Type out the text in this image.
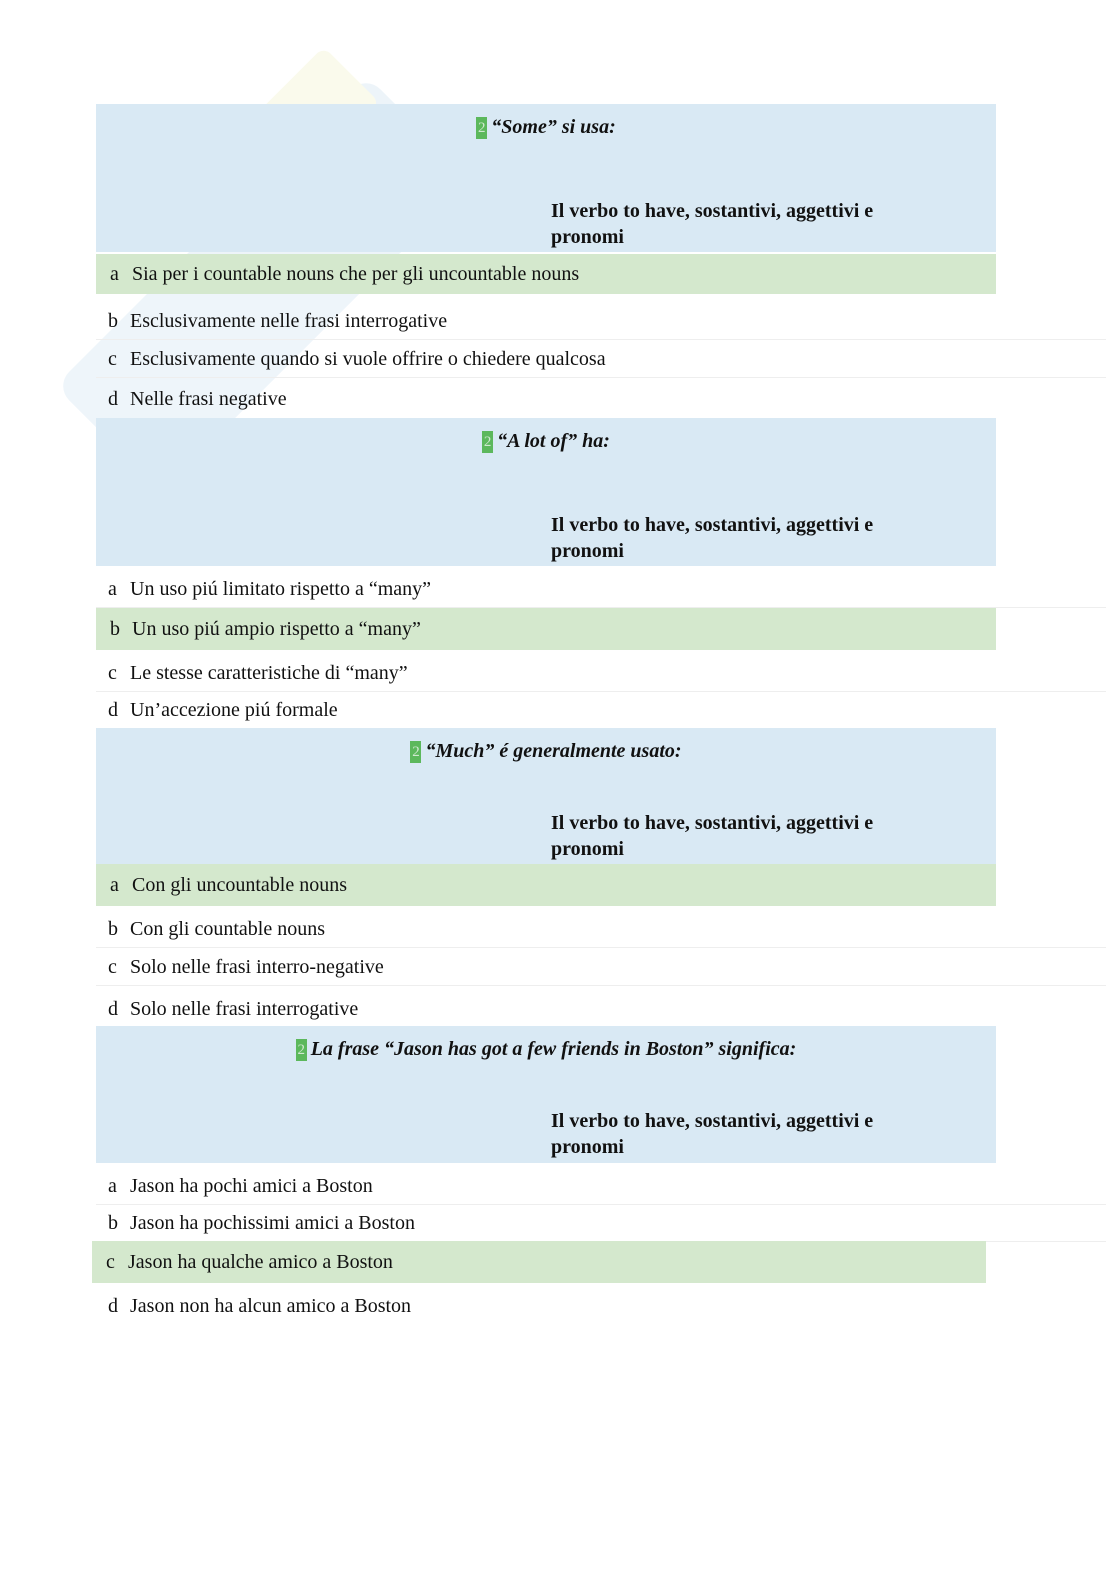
2 “Some” si usa:
Il verbo to have, sostantivi, aggettivi e pronomi
a Sia per i countable nouns che per gli uncountable nouns
b Esclusivamente nelle frasi interrogative
c Esclusivamente quando si vuole offrire o chiedere qualcosa
d Nelle frasi negative
2 “A lot of” ha:
Il verbo to have, sostantivi, aggettivi e pronomi
a Un uso piú limitato rispetto a “many”
b Un uso piú ampio rispetto a “many”
c Le stesse caratteristiche di “many”
d Un’accezione piú formale
2 “Much” é generalmente usato:
Il verbo to have, sostantivi, aggettivi e pronomi
a Con gli uncountable nouns
b Con gli countable nouns
c Solo nelle frasi interro-negative
d Solo nelle frasi interrogative
2 La frase “Jason has got a few friends in Boston” significa:
Il verbo to have, sostantivi, aggettivi e pronomi
a Jason ha pochi amici a Boston
b Jason ha pochissimi amici a Boston
c Jason ha qualche amico a Boston
d Jason non ha alcun amico a Boston
